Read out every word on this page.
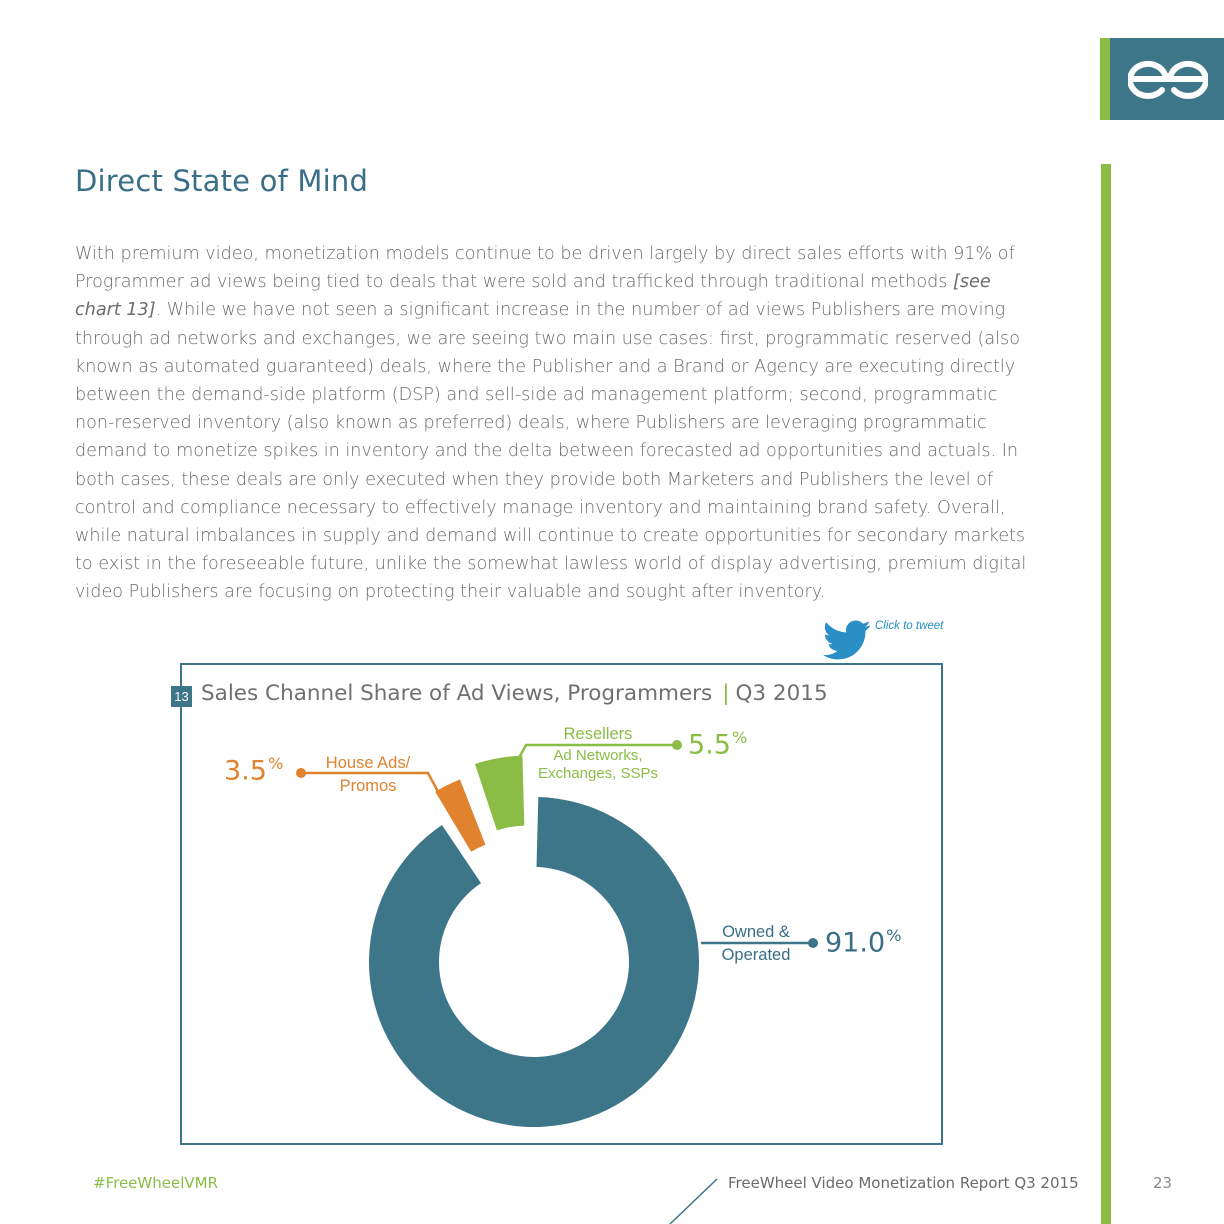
Direct State of Mind

With premium video, monetization models continue to be driven largely by direct sales efforts with 91% of Programmer ad views being tied to deals that were sold and trafficked through traditional methods [see chart 13]. While we have not seen a significant increase in the number of ad views Publishers are moving through ad networks and exchanges, we are seeing two main use cases: first, programmatic reserved (also known as automated guaranteed) deals, where the Publisher and a Brand or Agency are executing directly between the demand-side platform (DSP) and sell-side ad management platform; second, programmatic non-reserved inventory (also known as preferred) deals, where Publishers are leveraging programmatic demand to monetize spikes in inventory and the delta between forecasted ad opportunities and actuals. In both cases, these deals are only executed when they provide both Marketers and Publishers the level of control and compliance necessary to effectively manage inventory and maintaining brand safety. Overall, while natural imbalances in supply and demand will continue to create opportunities for secondary markets to exist in the foreseeable future, unlike the somewhat lawless world of display advertising, premium digital video Publishers are focusing on protecting their valuable and sought after inventory.

Click to tweet
13 Sales Channel Share of Ad Views, Programmers | Q3 2015
House Ads/
Promos
3.5%
Resellers
Ad Networks,
Exchanges, SSPs
5.5%
Owned &
Operated	91.0%
#FreeWheelVMR	FreeWheel Video Monetization Report Q3 2015	23
